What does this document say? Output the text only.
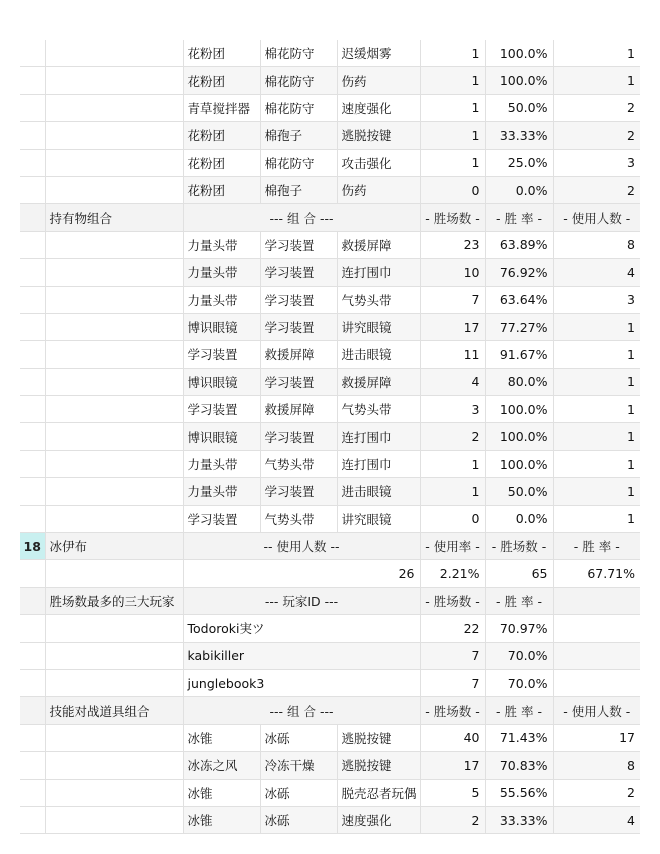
		花粉团	棉花防守	迟缓烟雾	1	100.0%	1
		花粉团	棉花防守	伤药	1	100.0%	1
		青草搅拌器	棉花防守	速度强化	1	50.0%	2
		花粉团	棉孢子	逃脱按键	1	33.33%	2
		花粉团	棉花防守	攻击强化	1	25.0%	3
		花粉团	棉孢子	伤药	0	0.0%	2
	持有物组合	--- 组 合 ---			- 胜场数 -	- 胜 率 -	- 使用人数 -
		力量头带	学习装置	救援屏障	23	63.89%	8
		力量头带	学习装置	连打围巾	10	76.92%	4
		力量头带	学习装置	气势头带	7	63.64%	3
		博识眼镜	学习装置	讲究眼镜	17	77.27%	1
		学习装置	救援屏障	进击眼镜	11	91.67%	1
		博识眼镜	学习装置	救援屏障	4	80.0%	1
		学习装置	救援屏障	气势头带	3	100.0%	1
		博识眼镜	学习装置	连打围巾	2	100.0%	1
		力量头带	气势头带	连打围巾	1	100.0%	1
		力量头带	学习装置	进击眼镜	1	50.0%	1
		学习装置	气势头带	讲究眼镜	0	0.0%	1
18	冰伊布	-- 使用人数 --			- 使用率 -	- 胜场数 -	- 胜 率 -
		26			2.21%	65	67.71%
	胜场数最多的三大玩家	--- 玩家ID ---			- 胜场数 -	- 胜 率 -	
		Todoroki実ツ			22	70.97%	
		kabikiller			7	70.0%	
		junglebook3			7	70.0%	
	技能对战道具组合	--- 组 合 ---			- 胜场数 -	- 胜 率 -	- 使用人数 -
		冰锥	冰砾	逃脱按键	40	71.43%	17
		冰冻之风	冷冻干燥	逃脱按键	17	70.83%	8
		冰锥	冰砾	脱壳忍者玩偶	5	55.56%	2
		冰锥	冰砾	速度强化	2	33.33%	4
